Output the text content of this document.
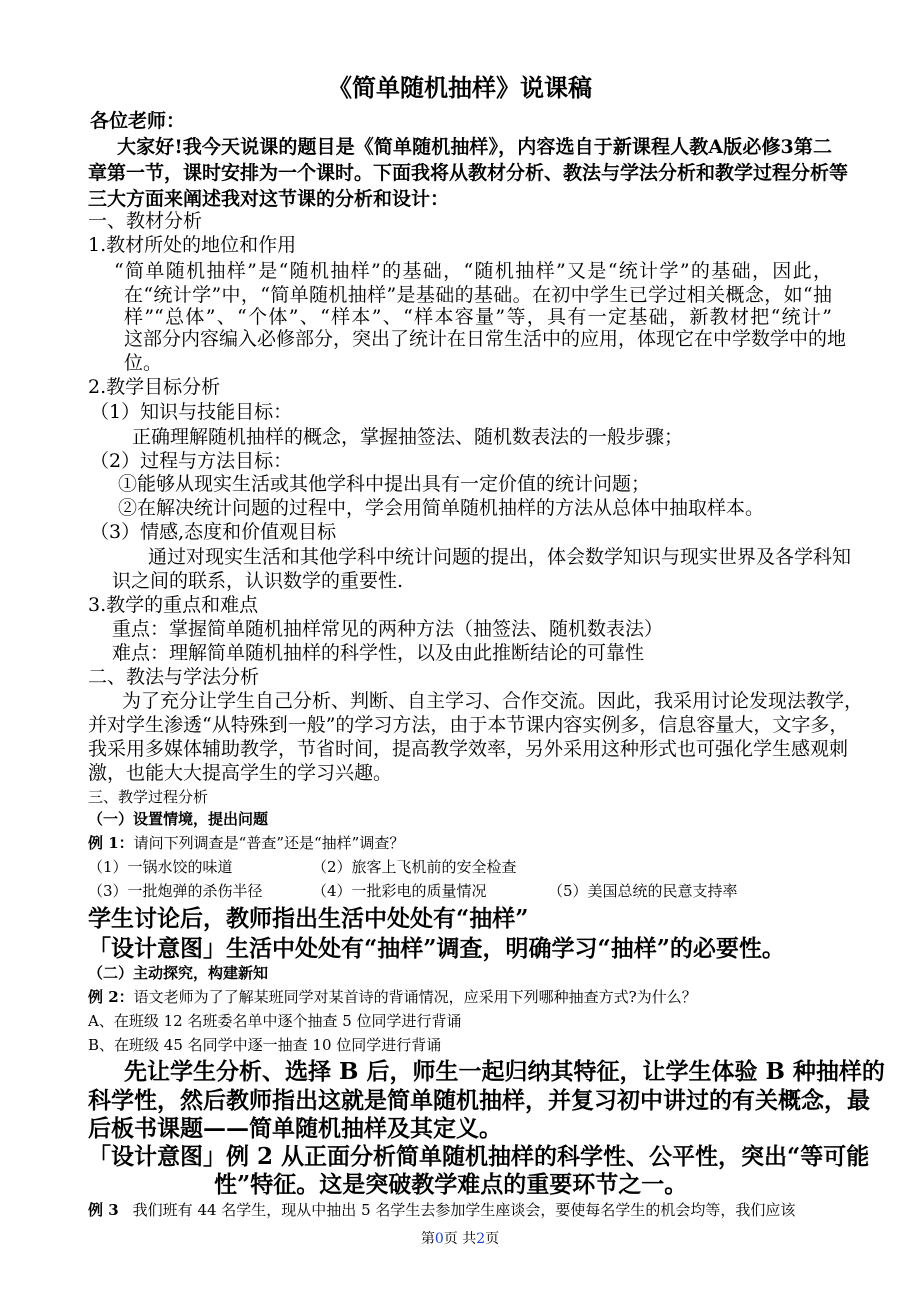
《简单随机抽样》说课稿
各位老师：
大家好!我今天说课的题目是《简单随机抽样》，内容选自于新课程人教A版必修3第二
章第一节，课时安排为一个课时。下面我将从教材分析、教法与学法分析和教学过程分析等
三大方面来阐述我对这节课的分析和设计：
一、教材分析
1.教材所处的地位和作用
“简单随机抽样”是“随机抽样”的基础，“随机抽样”又是“统计学”的基础，因此，
在“统计学”中，“简单随机抽样”是基础的基础。在初中学生已学过相关概念，如“抽
样”“总体”、“个体”、“样本”、“样本容量”等，具有一定基础，新教材把“统计”
这部分内容编入必修部分，突出了统计在日常生活中的应用，体现它在中学数学中的地
位。
2.教学目标分析
（1）知识与技能目标：
正确理解随机抽样的概念，掌握抽签法、随机数表法的一般步骤；
（2）过程与方法目标：
①能够从现实生活或其他学科中提出具有一定价值的统计问题；
②在解决统计问题的过程中，学会用简单随机抽样的方法从总体中抽取样本。
（3）情感,态度和价值观目标
通过对现实生活和其他学科中统计问题的提出，体会数学知识与现实世界及各学科知
识之间的联系，认识数学的重要性.
3.教学的重点和难点
重点：掌握简单随机抽样常见的两种方法（抽签法、随机数表法）
难点：理解简单随机抽样的科学性，以及由此推断结论的可靠性
二、教法与学法分析
为了充分让学生自己分析、判断、自主学习、合作交流。因此，我采用讨论发现法教学，
并对学生渗透“从特殊到一般”的学习方法，由于本节课内容实例多，信息容量大，文字多，
我采用多媒体辅助教学，节省时间，提高教学效率，另外采用这种形式也可强化学生感观刺
激，也能大大提高学生的学习兴趣。
三、教学过程分析
（一）设置情境，提出问题
例 1：请问下列调查是“普查”还是“抽样”调查？
（1）一锅水饺的味道	（2）旅客上飞机前的安全检查
（3）一批炮弹的杀伤半径	（4）一批彩电的质量情况	（5）美国总统的民意支持率
学生讨论后，教师指出生活中处处有“抽样”
「设计意图」生活中处处有“抽样”调查，明确学习“抽样”的必要性。
（二）主动探究，构建新知
例 2：语文老师为了了解某班同学对某首诗的背诵情况，应采用下列哪种抽查方式?为什么？
A、在班级 12 名班委名单中逐个抽查 5 位同学进行背诵
B、在班级 45 名同学中逐一抽查 10 位同学进行背诵
先让学生分析、选择 B 后，师生一起归纳其特征，让学生体验 B 种抽样的
科学性，然后教师指出这就是简单随机抽样，并复习初中讲过的有关概念，最
后板书课题——简单随机抽样及其定义。
「设计意图」例 2 从正面分析简单随机抽样的科学性、公平性，突出“等可能
性”特征。这是突破教学难点的重要环节之一。
例 3 我们班有 44 名学生，现从中抽出 5 名学生去参加学生座谈会，要使每名学生的机会均等，我们应该
第0页 共2页
